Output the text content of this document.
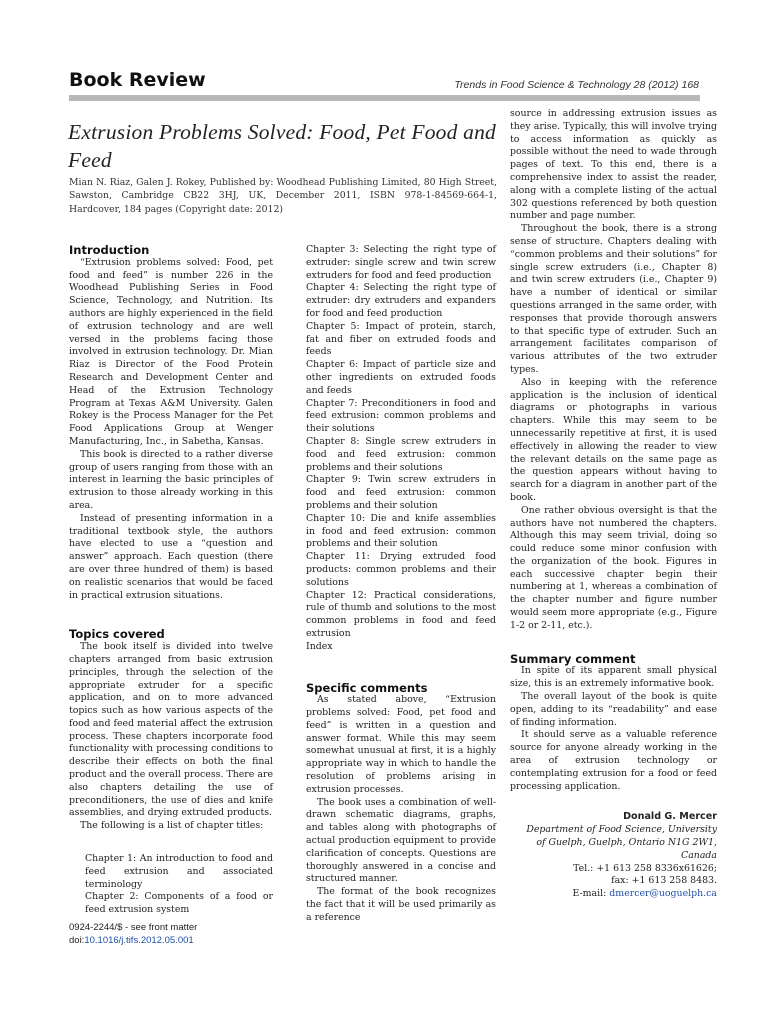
Book Review	Trends in Food Science & Technology 28 (2012) 168
Extrusion Problems Solved: Food, Pet Food and Feed
Mian N. Riaz, Galen J. Rokey, Published by: Woodhead Publishing Limited, 80 High Street, Sawston, Cambridge CB22 3HJ, UK, December 2011, ISBN 978-1-84569-664-1, Hardcover, 184 pages (Copyright date: 2012)
Introduction

“Extrusion problems solved: Food, pet food and feed” is number 226 in the Woodhead Publishing Series in Food Science, Technology, and Nutrition. Its authors are highly experienced in the field of extrusion technology and are well versed in the problems facing those involved in extrusion technology. Dr. Mian Riaz is Director of the Food Protein Research and Development Center and Head of the Extrusion Technology Program at Texas A&M University. Galen Rokey is the Process Manager for the Pet Food Applications Group at Wenger Manufacturing, Inc., in Sabetha, Kansas.

This book is directed to a rather diverse group of users ranging from those with an interest in learning the basic principles of extrusion to those already working in this area.

Instead of presenting information in a traditional textbook style, the authors have elected to use a “question and answer” approach. Each question (there are over three hundred of them) is based on realistic scenarios that would be faced in practical extrusion situations.

Topics covered

The book itself is divided into twelve chapters arranged from basic extrusion principles, through the selection of the appropriate extruder for a specific application, and on to more advanced topics such as how various aspects of the food and feed material affect the extrusion process. These chapters incorporate food functionality with processing conditions to describe their effects on both the final product and the overall process. There are also chapters detailing the use of preconditioners, the use of dies and knife assemblies, and drying extruded products.

The following is a list of chapter titles:

Chapter 1: An introduction to food and feed extrusion and associated terminology

Chapter 2: Components of a food or feed extrusion system

Chapter 3: Selecting the right type of extruder: single screw and twin screw extruders for food and feed production

Chapter 4: Selecting the right type of extruder: dry extruders and expanders for food and feed production

Chapter 5: Impact of protein, starch, fat and fiber on extruded foods and feeds

Chapter 6: Impact of particle size and other ingredients on extruded foods and feeds

Chapter 7: Preconditioners in food and feed extrusion: common problems and their solutions

Chapter 8: Single screw extruders in food and feed extrusion: common problems and their solutions

Chapter 9: Twin screw extruders in food and feed extrusion: common problems and their solution

Chapter 10: Die and knife assemblies in food and feed extrusion: common problems and their solution

Chapter 11: Drying extruded food products: common problems and their solutions

Chapter 12: Practical considerations, rule of thumb and solutions to the most common problems in food and feed extrusion

Index

Specific comments

As stated above, “Extrusion problems solved: Food, pet food and feed” is written in a question and answer format. While this may seem somewhat unusual at first, it is a highly appropriate way in which to handle the resolution of problems arising in extrusion processes.

The book uses a combination of well-drawn schematic diagrams, graphs, and tables along with photographs of actual production equipment to provide clarification of concepts. Questions are thoroughly answered in a concise and structured manner.

The format of the book recognizes the fact that it will be used primarily as a reference

source in addressing extrusion issues as they arise. Typically, this will involve trying to access information as quickly as possible without the need to wade through pages of text. To this end, there is a comprehensive index to assist the reader, along with a complete listing of the actual 302 questions referenced by both question number and page number.

Throughout the book, there is a strong sense of structure. Chapters dealing with “common problems and their solutions” for single screw extruders (i.e., Chapter 8) and twin screw extruders (i.e., Chapter 9) have a number of identical or similar questions arranged in the same order, with responses that provide thorough answers to that specific type of extruder. Such an arrangement facilitates comparison of various attributes of the two extruder types.

Also in keeping with the reference application is the inclusion of identical diagrams or photographs in various chapters. While this may seem to be unnecessarily repetitive at first, it is used effectively in allowing the reader to view the relevant details on the same page as the question appears without having to search for a diagram in another part of the book.

One rather obvious oversight is that the authors have not numbered the chapters. Although this may seem trivial, doing so could reduce some minor confusion with the organization of the book. Figures in each successive chapter begin their numbering at 1, whereas a combination of the chapter number and figure number would seem more appropriate (e.g., Figure 1-2 or 2-11, etc.).

Summary comment

In spite of its apparent small physical size, this is an extremely informative book.

The overall layout of the book is quite open, adding to its “readability” and ease of finding information.

It should serve as a valuable reference source for anyone already working in the area of extrusion technology or contemplating extrusion for a food or feed processing application.

Donald G. Mercer
Department of Food Science, University
of Guelph, Guelph, Ontario N1G 2W1,
Canada
Tel.: +1 613 258 8336x61626;
fax: +1 613 258 8483.
E-mail: dmercer@uoguelph.ca
0924-2244/$ - see front matter
doi:10.1016/j.tifs.2012.05.001
